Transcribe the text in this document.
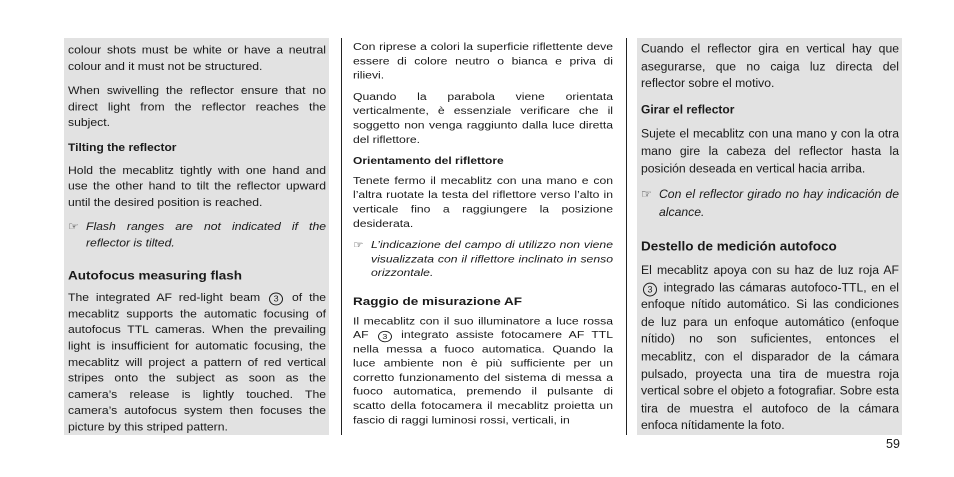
colour shots must be white or have a neutral colour and it must not be structured.

When swivelling the reflector ensure that no direct light from the reflector reaches the subject.

Tilting the reflector

Hold the mecablitz tightly with one hand and use the other hand to tilt the reflector upward until the desired position is reached.

☞ Flash ranges are not indicated if the reflector is tilted.
Autofocus measuring flash

The integrated AF red-light beam 3 of the mecablitz supports the automatic focusing of autofocus TTL cameras. When the prevailing light is insufficient for automatic focusing, the mecablitz will project a pattern of red vertical stripes onto the subject as soon as the camera’s release is lightly touched. The camera’s autofocus system then focuses the picture by this striped pattern.

Con riprese a colori la superficie riflettente deve essere di colore neutro o bianca e priva di rilievi.

Quando la parabola viene orientata verticalmente, è essenziale verificare che il soggetto non venga raggiunto dalla luce diretta del riflettore.

Orientamento del riflettore

Tenete fermo il mecablitz con una mano e con l’altra ruotate la testa del riflettore verso l’alto in verticale fino a raggiungere la posizione desiderata.

☞ L’indicazione del campo di utilizzo non viene visualizzata con il riflettore inclinato in senso orizzontale.
Raggio de misurazione AF

Il mecablitz con il suo illuminatore a luce rossa AF 3 integrato assiste fotocamere AF TTL nella messa a fuoco automatica. Quando la luce ambiente non è più sufficiente per un corretto funzionamento del sistema di messa a fuoco automatica, premendo il pulsante di scatto della fotocamera il mecablitz proietta un fascio di raggi luminosi rossi, verticali, in

Cuando el reflector gira en vertical hay que asegurarse, que no caiga luz directa del reflector sobre el motivo.

Girar el reflector

Sujete el mecablitz con una mano y con la otra mano gire la cabeza del reflector hasta la posición deseada en vertical hacia arriba.

☞ Con el reflector girado no hay indicación de alcance.
Destello de medición autofoco

El mecablitz apoya con su haz de luz roja AF 3 integrado las cámaras autofoco-TTL, en el enfoque nítido automático. Si las condiciones de luz para un enfoque automático (enfoque nítido) no son suficientes, entonces el mecablitz, con el disparador de la cámara pulsado, proyecta una tira de muestra roja vertical sobre el objeto a fotografiar. Sobre esta tira de muestra el autofoco de la cámara enfoca nítidamente la foto.

59
